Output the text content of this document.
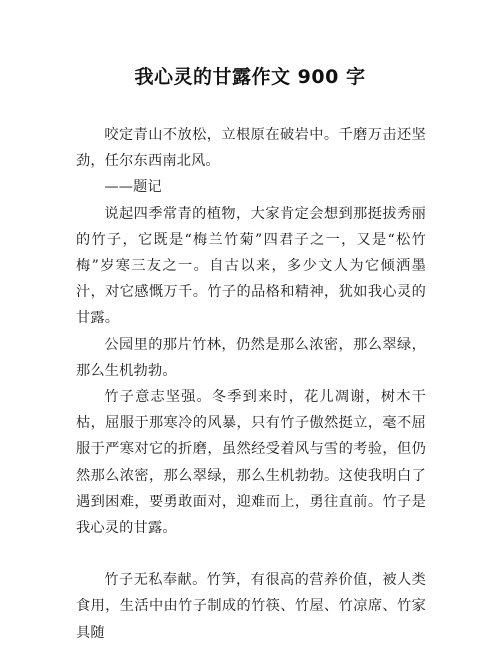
我心灵的甘露作文 900 字

咬定青山不放松，立根原在破岩中。千磨万击还坚劲，任尔东西南北风。

——题记

说起四季常青的植物，大家肯定会想到那挺拔秀丽的竹子，它既是“梅兰竹菊”四君子之一，又是“松竹梅”岁寒三友之一。自古以来，多少文人为它倾洒墨汁，对它感慨万千。竹子的品格和精神，犹如我心灵的甘露。

公园里的那片竹林，仍然是那么浓密，那么翠绿，那么生机勃勃。

竹子意志坚强。冬季到来时，花儿凋谢，树木干枯，屈服于那寒冷的风暴，只有竹子傲然挺立，毫不屈服于严寒对它的折磨，虽然经受着风与雪的考验，但仍然那么浓密，那么翠绿，那么生机勃勃。这使我明白了遇到困难，要勇敢面对，迎难而上，勇往直前。竹子是我心灵的甘露。

竹子无私奉献。竹笋，有很高的营养价值，被人类食用，生活中由竹子制成的竹筷、竹屋、竹凉席、竹家具随
